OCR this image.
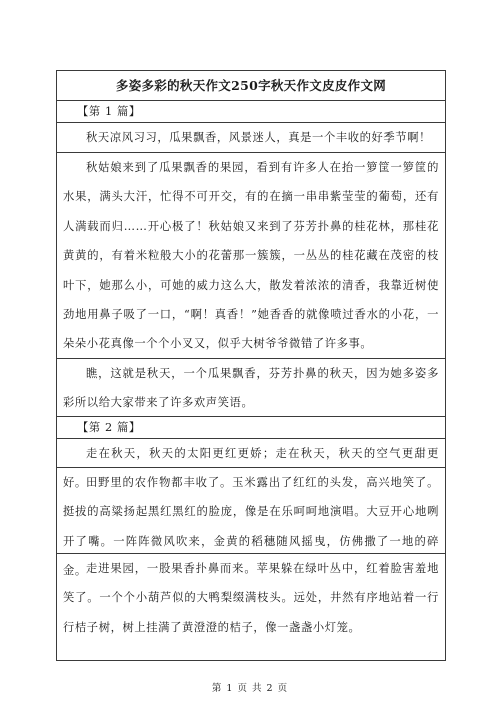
多姿多彩的秋天作文250字秋天作文皮皮作文网
【第 1 篇】
秋天凉风习习，瓜果飘香，风景迷人，真是一个丰收的好季节啊！
秋姑娘来到了瓜果飘香的果园，看到有许多人在抬一箩筐一箩筐的水果，满头大汗，忙得不可开交，有的在摘一串串紫莹莹的葡萄，还有人满载而归……开心极了！秋姑娘又来到了芬芳扑鼻的桂花林，那桂花黄黄的，有着米粒般大小的花蕾那一簇簇，一丛丛的桂花藏在茂密的枝叶下，她那么小，可她的威力这么大，散发着浓浓的清香，我靠近树使劲地用鼻子吸了一口，“啊！真香！”她香香的就像喷过香水的小花，一朵朵小花真像一个个小叉又，似乎大树爷爷微错了许多事。
瞧，这就是秋天，一个瓜果飘香，芬芳扑鼻的秋天，因为她多姿多彩所以给大家带来了许多欢声笑语。
【第 2 篇】
走在秋天，秋天的太阳更红更娇；走在秋天，秋天的空气更甜更好。 田野里的农作物都丰收了。玉米露出了红红的头发，高兴地笑了。挺拔的高粱扬起黑红黑红的脸庞，像是在乐呵呵地演唱。大豆开心地咧开了嘴。一阵阵微风吹来，金黄的稻穗随风摇曳，仿佛撒了一地的碎金。 走进果园，一股果香扑鼻而来。苹果躲在绿叶丛中，红着脸害羞地笑了。一个个小葫芦似的大鸭梨缀满枝头。远处，井然有序地站着一行行桔子树，树上挂满了黄澄澄的桔子，像一盏盏小灯笼。
第 1 页 共 2 页
